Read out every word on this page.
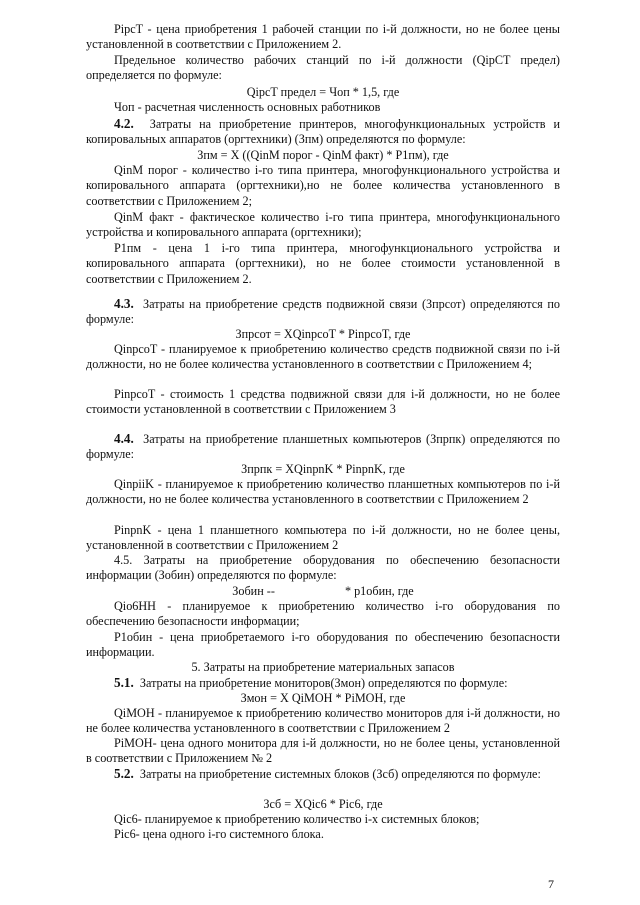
PipcT - цена приобретения 1 рабочей станции по i-й должности, но не более цены установленной в соответствии с Приложением 2.

Предельное количество рабочих станций по i-й должности (QipCT предел) определяется по формуле:

QipcT предел = Чоп * 1,5, где

Чоп - расчетная численность основных работников

4.2. Затраты на приобретение принтеров, многофункциональных устройств и копировальных аппаратов (оргтехники) (Зпм) определяются по формуле:

Зпм = X ((QinM порог - QinM факт) * P1пм), где

QinM порог - количество i-го типа принтера, многофункционального устройства и копировального аппарата (оргтехники),но не более количества установленного в соответствии с Приложением 2;

QinM факт - фактическое количество i-го типа принтера, многофункционального устройства и копировального аппарата (оргтехники);

P1пм - цена 1 i-го типа принтера, многофункционального устройства и копировального аппарата (оргтехники), но не более стоимости установленной в соответствии с Приложением 2.

4.3. Затраты на приобретение средств подвижной связи (Зпрсот) определяются по формуле:

Зпрсот = XQinpcoT * PinpcoT, где

QinpcoT - планируемое к приобретению количество средств подвижной связи по i-й должности, но не более количества установленного в соответствии с Приложением 4;

PinpcoT - стоимость 1 средства подвижной связи для i-й должности, но не более стоимости установленной в соответствии с Приложением 3

4.4. Затраты на приобретение планшетных компьютеров (Зпрпк) определяются по формуле:

Зпрпк = XQinpnK * PinpnK, где

QinpiiK - планируемое к приобретению количество планшетных компьютеров по i-й должности, но не более количества установленного в соответствии с Приложением 2

PinpnK - цена 1 планшетного компьютера по i-й должности, но не более цены, установленной в соответствии с Приложением 2

4.5. Затраты на приобретение оборудования по обеспечению безопасности информации (Зобин) определяются по формуле:

Зобин --                       * p1обин, где

Qio6HH - планируемое к приобретению количество i-го оборудования по обеспечению безопасности информации;

P1обин - цена приобретаемого i-го оборудования по обеспечению безопасности информации.

5. Затраты на приобретение материальных запасов

5.1. Затраты на приобретение мониторов(Змон) определяются по формуле:

Змон = X QiMOH * PiMOH, где

QiMOH - планируемое к приобретению количество мониторов для i-й должности, но не более количества установленного в соответствии с Приложением 2

PiMOH- цена одного монитора для i-й должности, но не более цены, установленной в соответствии с Приложением № 2

5.2. Затраты на приобретение системных блоков (Зсб) определяются по формуле:

Зсб = XQic6 * Pic6, где

Qic6- планируемое к приобретению количество i-x системных блоков;

Pic6- цена одного i-го системного блока.

7
